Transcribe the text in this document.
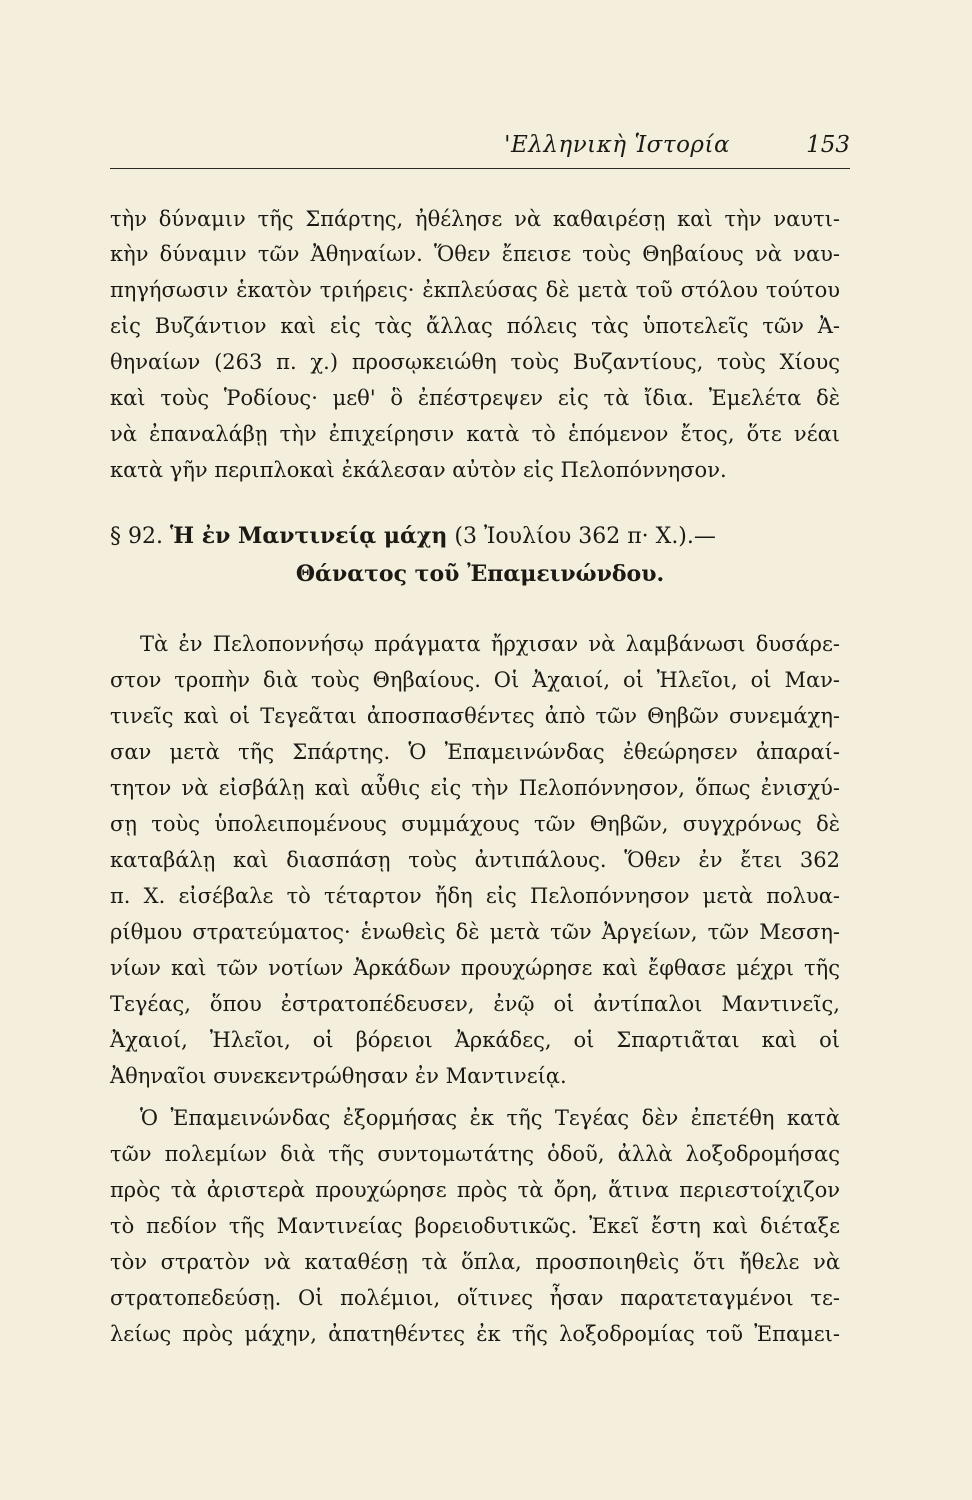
'Ελληνικὴ Ἱστορία	153
τὴν δύναμιν τῆς Σπάρτης, ἠθέλησε νὰ καθαιρέσῃ καὶ τὴν ναυτι-
κὴν δύναμιν τῶν Ἀθηναίων. Ὅθεν ἔπεισε τοὺς Θηβαίους νὰ ναυ-
πηγήσωσιν ἑκατὸν τριήρεις· ἐκπλεύσας δὲ μετὰ τοῦ στόλου τούτου
εἰς Βυζάντιον καὶ εἰς τὰς ἄλλας πόλεις τὰς ὑποτελεῖς τῶν Ἀ-
θηναίων (263 π. χ.) προσῳκειώθη τοὺς Βυζαντίους, τοὺς Χίους
καὶ τοὺς Ῥοδίους· μεθ' ὃ ἐπέστρεψεν εἰς τὰ ἴδια. Ἐμελέτα δὲ
νὰ ἐπαναλάβῃ τὴν ἐπιχείρησιν κατὰ τὸ ἑπόμενον ἔτος, ὅτε νέαι
κατὰ γῆν περιπλοκαὶ ἐκάλεσαν αὐτὸν εἰς Πελοπόννησον.
§ 92. Ἡ ἐν Μαντινείᾳ μάχη (3 Ἰουλίου 362 π· Χ.).—
Θάνατος τοῦ Ἐπαμεινώνδου.
Τὰ ἐν Πελοποννήσῳ πράγματα ἤρχισαν νὰ λαμβάνωσι δυσάρε-
στον τροπὴν διὰ τοὺς Θηβαίους. Οἱ Ἀχαιοί, οἱ Ἠλεῖοι, οἱ Μαν-
τινεῖς καὶ οἱ Τεγεᾶται ἀποσπασθέντες ἀπὸ τῶν Θηβῶν συνεμάχη-
σαν μετὰ τῆς Σπάρτης. Ὁ Ἐπαμεινώνδας ἐθεώρησεν ἀπαραί-
τητον νὰ εἰσβάλῃ καὶ αὖθις εἰς τὴν Πελοπόννησον, ὅπως ἐνισχύ-
σῃ τοὺς ὑπολειπομένους συμμάχους τῶν Θηβῶν, συγχρόνως δὲ
καταβάλῃ καὶ διασπάσῃ τοὺς ἀντιπάλους. Ὅθεν ἐν ἔτει 362
π. Χ. εἰσέβαλε τὸ τέταρτον ἤδη εἰς Πελοπόννησον μετὰ πολυα-
ρίθμου στρατεύματος· ἑνωθεὶς δὲ μετὰ τῶν Ἀργείων, τῶν Μεσση-
νίων καὶ τῶν νοτίων Ἀρκάδων προυχώρησε καὶ ἔφθασε μέχρι τῆς
Τεγέας, ὅπου ἐστρατοπέδευσεν, ἐνῷ οἱ ἀντίπαλοι Μαντινεῖς,
Ἀχαιοί, Ἠλεῖοι, οἱ βόρειοι Ἀρκάδες, οἱ Σπαρτιᾶται καὶ οἱ
Ἀθηναῖοι συνεκεντρώθησαν ἐν Μαντινείᾳ.
Ὁ Ἐπαμεινώνδας ἐξορμήσας ἐκ τῆς Τεγέας δὲν ἐπετέθη κατὰ
τῶν πολεμίων διὰ τῆς συντομωτάτης ὁδοῦ, ἀλλὰ λοξοδρομήσας
πρὸς τὰ ἀριστερὰ προυχώρησε πρὸς τὰ ὄρη, ἅτινα περιεστοίχιζον
τὸ πεδίον τῆς Μαντινείας βορειοδυτικῶς. Ἐκεῖ ἔστη καὶ διέταξε
τὸν στρατὸν νὰ καταθέσῃ τὰ ὅπλα, προσποιηθεὶς ὅτι ἤθελε νὰ
στρατοπεδεύσῃ. Οἱ πολέμιοι, οἵτινες ἦσαν παρατεταγμένοι τε-
λείως πρὸς μάχην, ἀπατηθέντες ἐκ τῆς λοξοδρομίας τοῦ Ἐπαμει-
